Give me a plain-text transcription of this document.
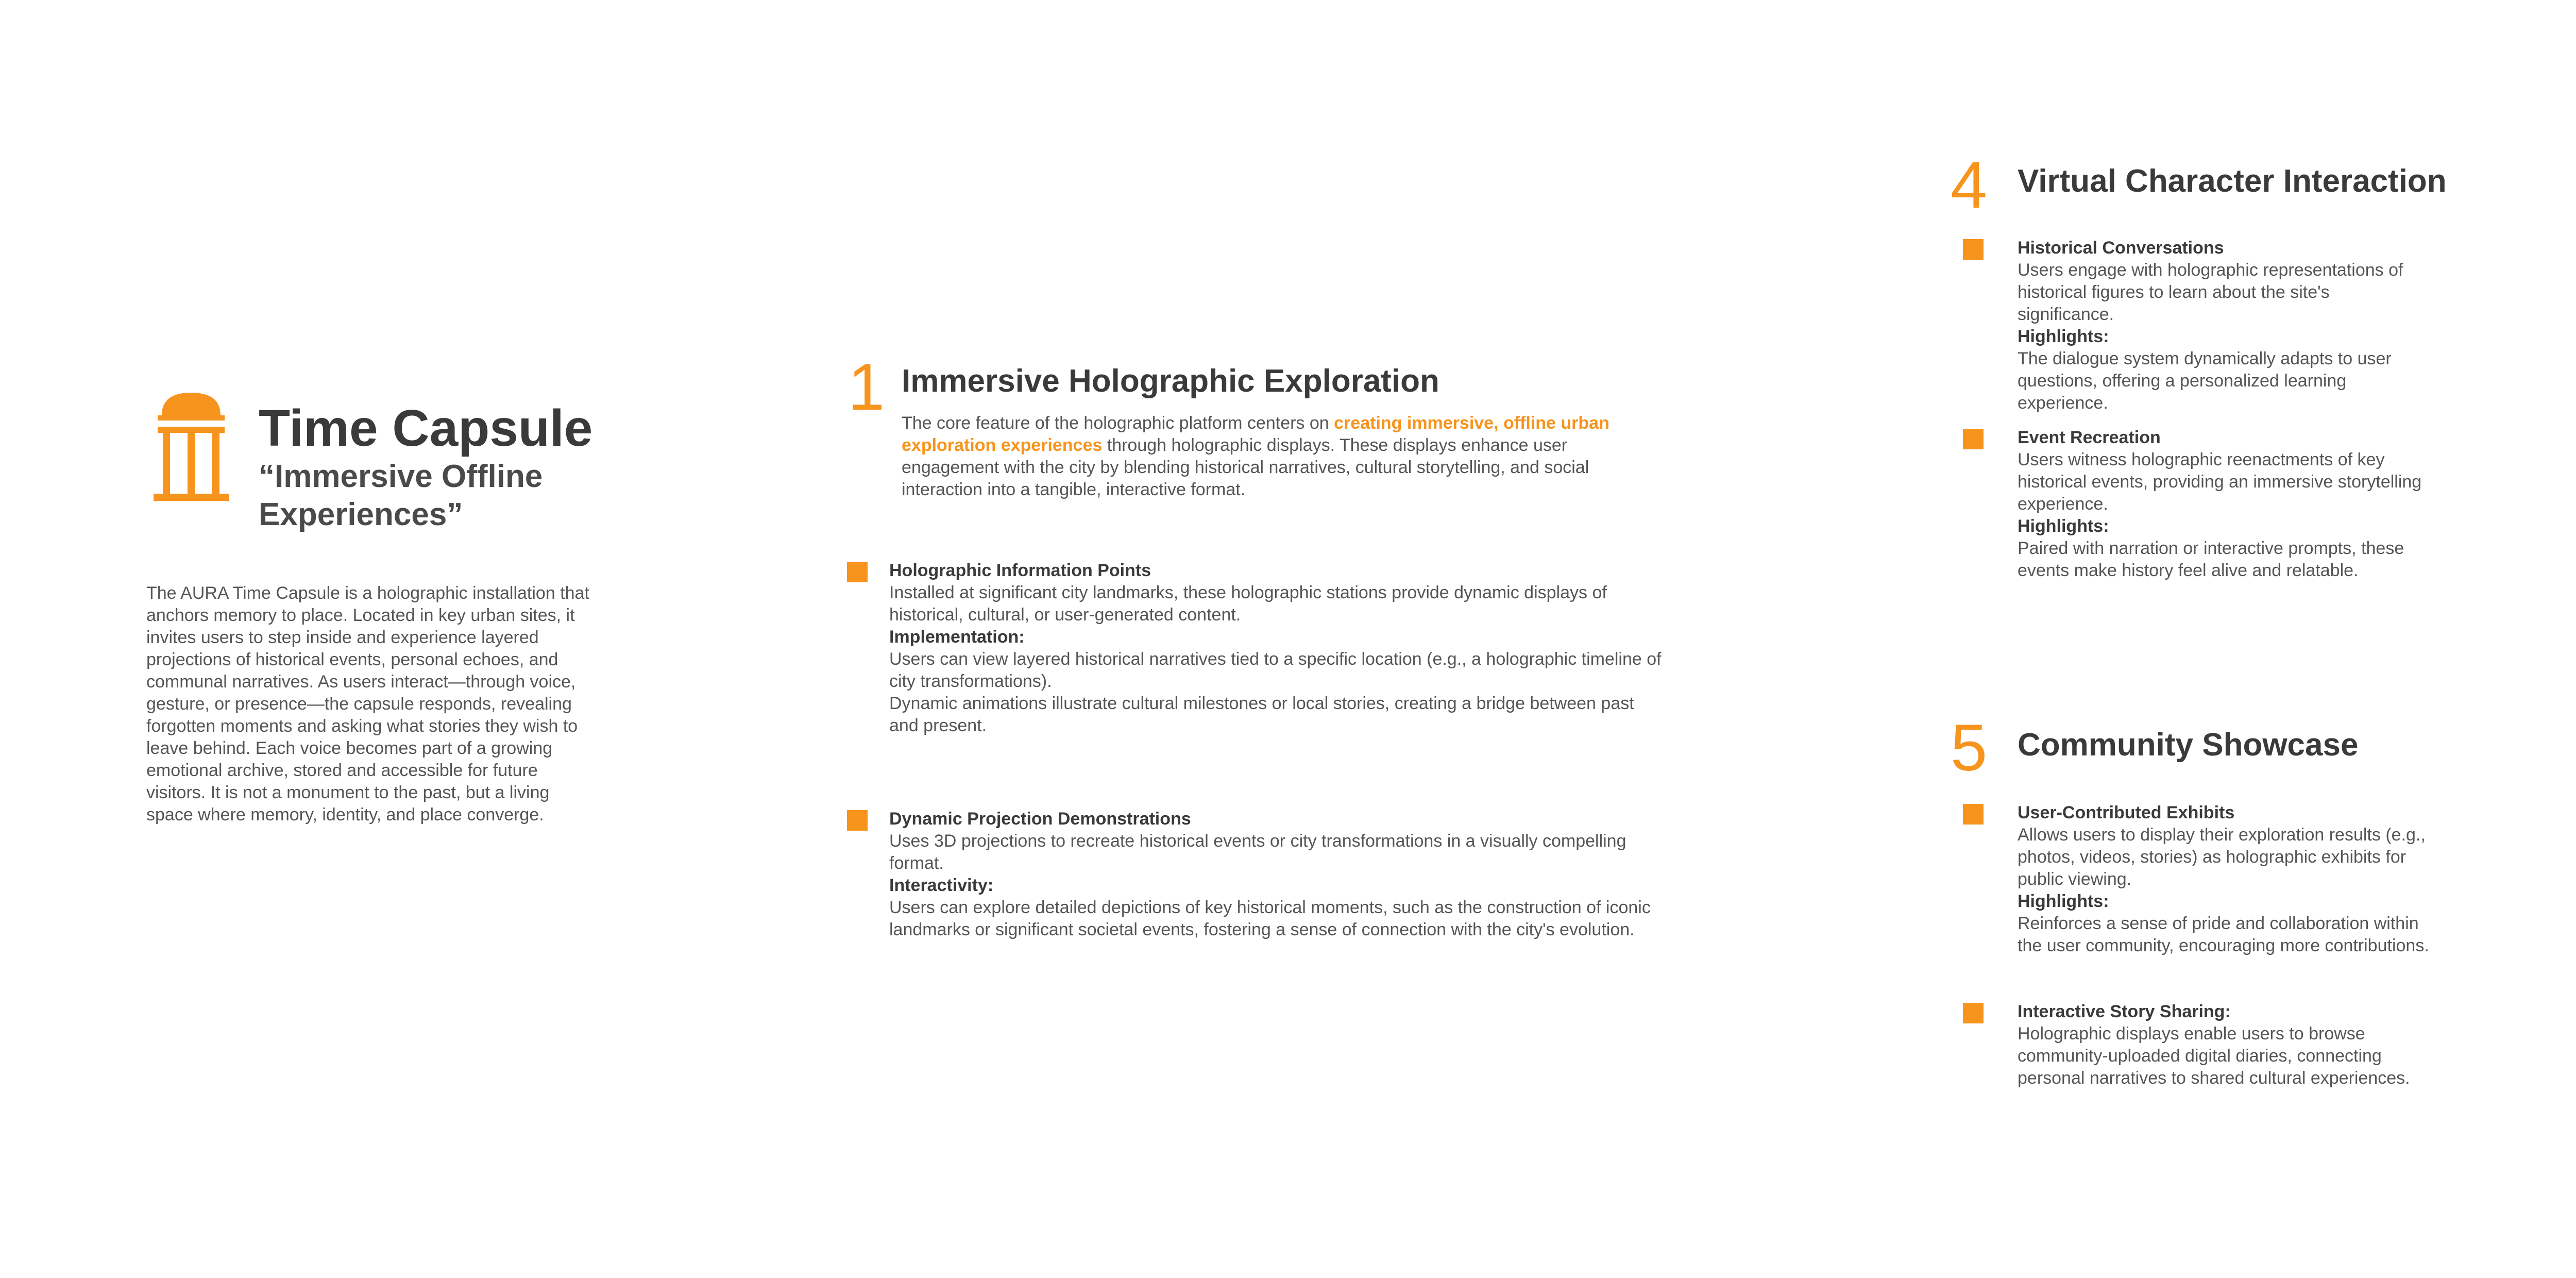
Time Capsule
“Immersive Offline Experiences”
The AURA Time Capsule is a holographic installation that anchors memory to place. Located in key urban sites, it invites users to step inside and experience layered projections of historical events, personal echoes, and communal narratives. As users interact—through voice, gesture, or presence—the capsule responds, revealing forgotten moments and asking what stories they wish to leave behind. Each voice becomes part of a growing emotional archive, stored and accessible for future visitors. It is not a monument to the past, but a living space where memory, identity, and place converge.
1 Immersive Holographic Exploration
The core feature of the holographic platform centers on creating immersive, offline urban exploration experiences through holographic displays. These displays enhance user engagement with the city by blending historical narratives, cultural storytelling, and social interaction into a tangible, interactive format.
Holographic Information Points
Installed at significant city landmarks, these holographic stations provide dynamic displays of historical, cultural, or user-generated content.
Implementation:
Users can view layered historical narratives tied to a specific location (e.g., a holographic timeline of city transformations).
Dynamic animations illustrate cultural milestones or local stories, creating a bridge between past and present.
Dynamic Projection Demonstrations
Uses 3D projections to recreate historical events or city transformations in a visually compelling format.
Interactivity:
Users can explore detailed depictions of key historical moments, such as the construction of iconic landmarks or significant societal events, fostering a sense of connection with the city's evolution.
4 Virtual Character Interaction
Historical Conversations
Users engage with holographic representations of historical figures to learn about the site's significance.
Highlights:
The dialogue system dynamically adapts to user questions, offering a personalized learning experience.
Event Recreation
Users witness holographic reenactments of key historical events, providing an immersive storytelling experience.
Highlights:
Paired with narration or interactive prompts, these events make history feel alive and relatable.
5 Community Showcase
User-Contributed Exhibits
Allows users to display their exploration results (e.g., photos, videos, stories) as holographic exhibits for public viewing.
Highlights:
Reinforces a sense of pride and collaboration within the user community, encouraging more contributions.
Interactive Story Sharing:
Holographic displays enable users to browse community-uploaded digital diaries, connecting personal narratives to shared cultural experiences.
